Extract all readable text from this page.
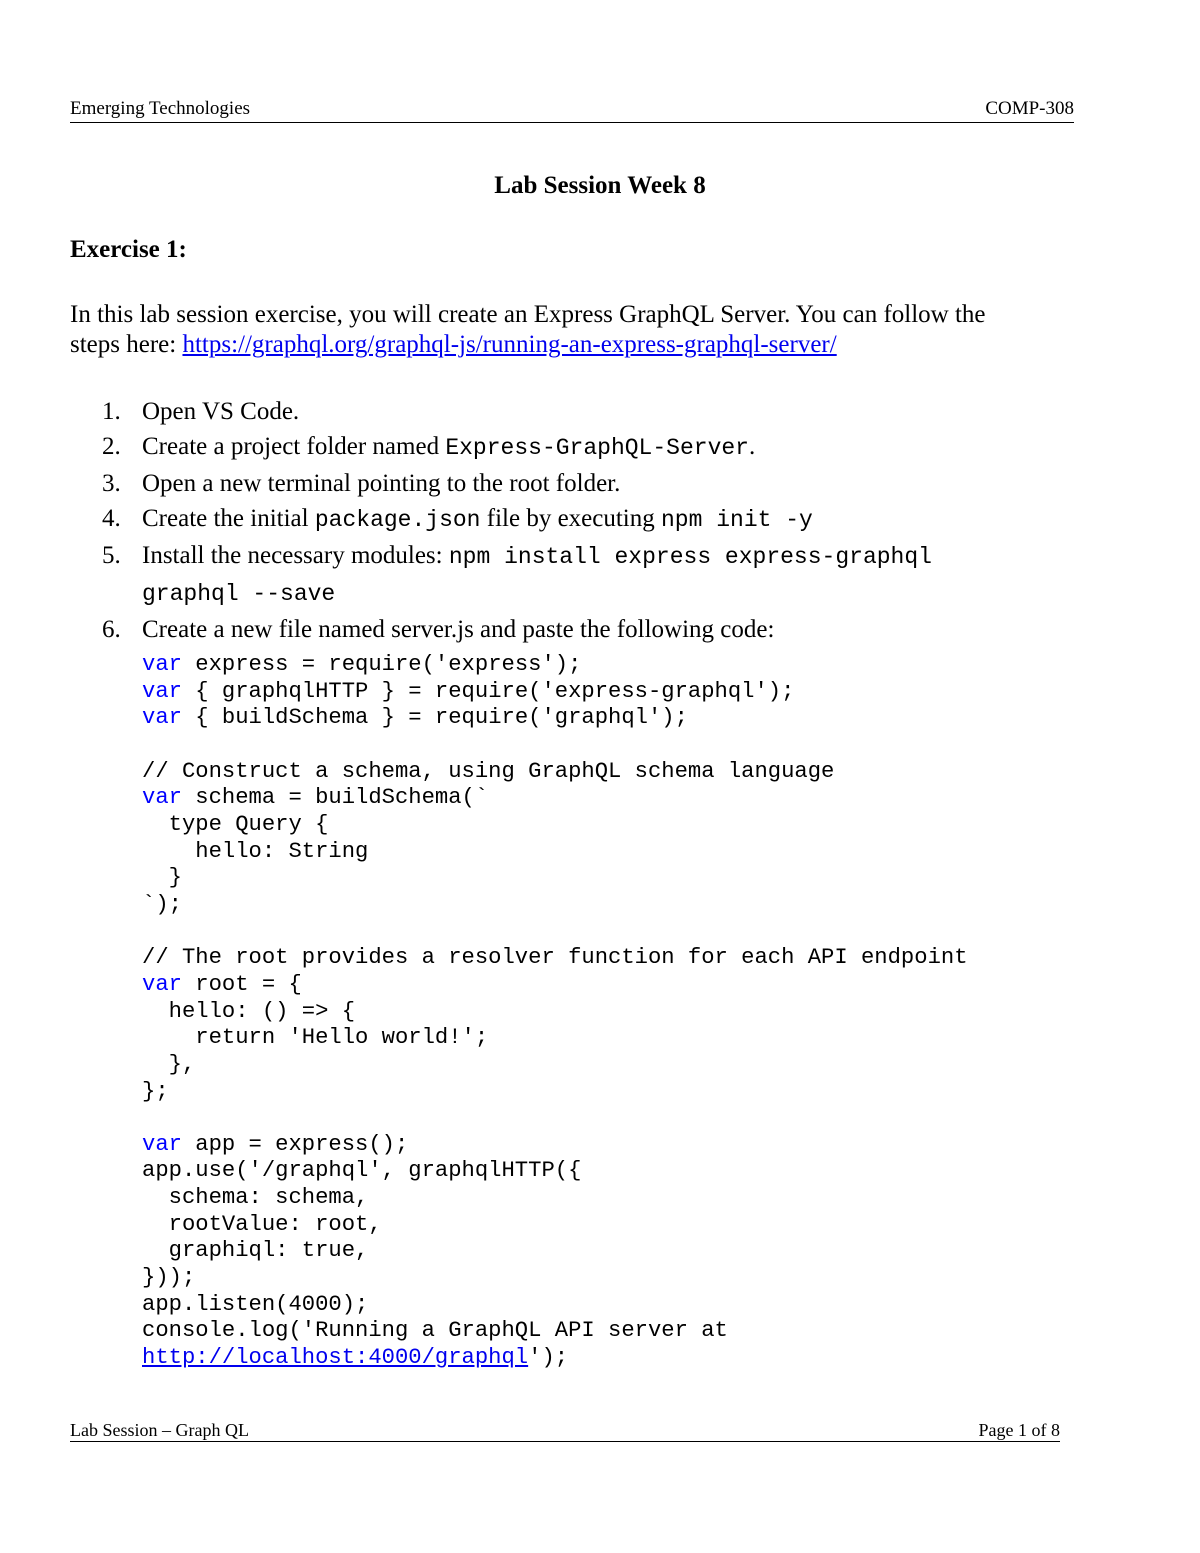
Emerging Technologies	COMP-308
Lab Session Week 8
Exercise 1:
In this lab session exercise, you will create an Express GraphQL Server. You can follow the
steps here: https://graphql.org/graphql-js/running-an-express-graphql-server/
1. Open VS Code.
2. Create a project folder named Express-GraphQL-Server.
3. Open a new terminal pointing to the root folder.
4. Create the initial package.json file by executing npm init -y
5. Install the necessary modules: npm install express express-graphql
graphql --save
6. Create a new file named server.js and paste the following code:
var express = require('express');
var { graphqlHTTP } = require('express-graphql');
var { buildSchema } = require('graphql');

// Construct a schema, using GraphQL schema language
var schema = buildSchema(`
type Query {
hello: String
}
`);

// The root provides a resolver function for each API endpoint
var root = {
hello: () => {
return 'Hello world!';
},
};

var app = express();
app.use('/graphql', graphqlHTTP({
schema: schema,
rootValue: root,
graphiql: true,
}));
app.listen(4000);
console.log('Running a GraphQL API server at
http://localhost:4000/graphql');
Lab Session – Graph QL	Page 1 of 8
